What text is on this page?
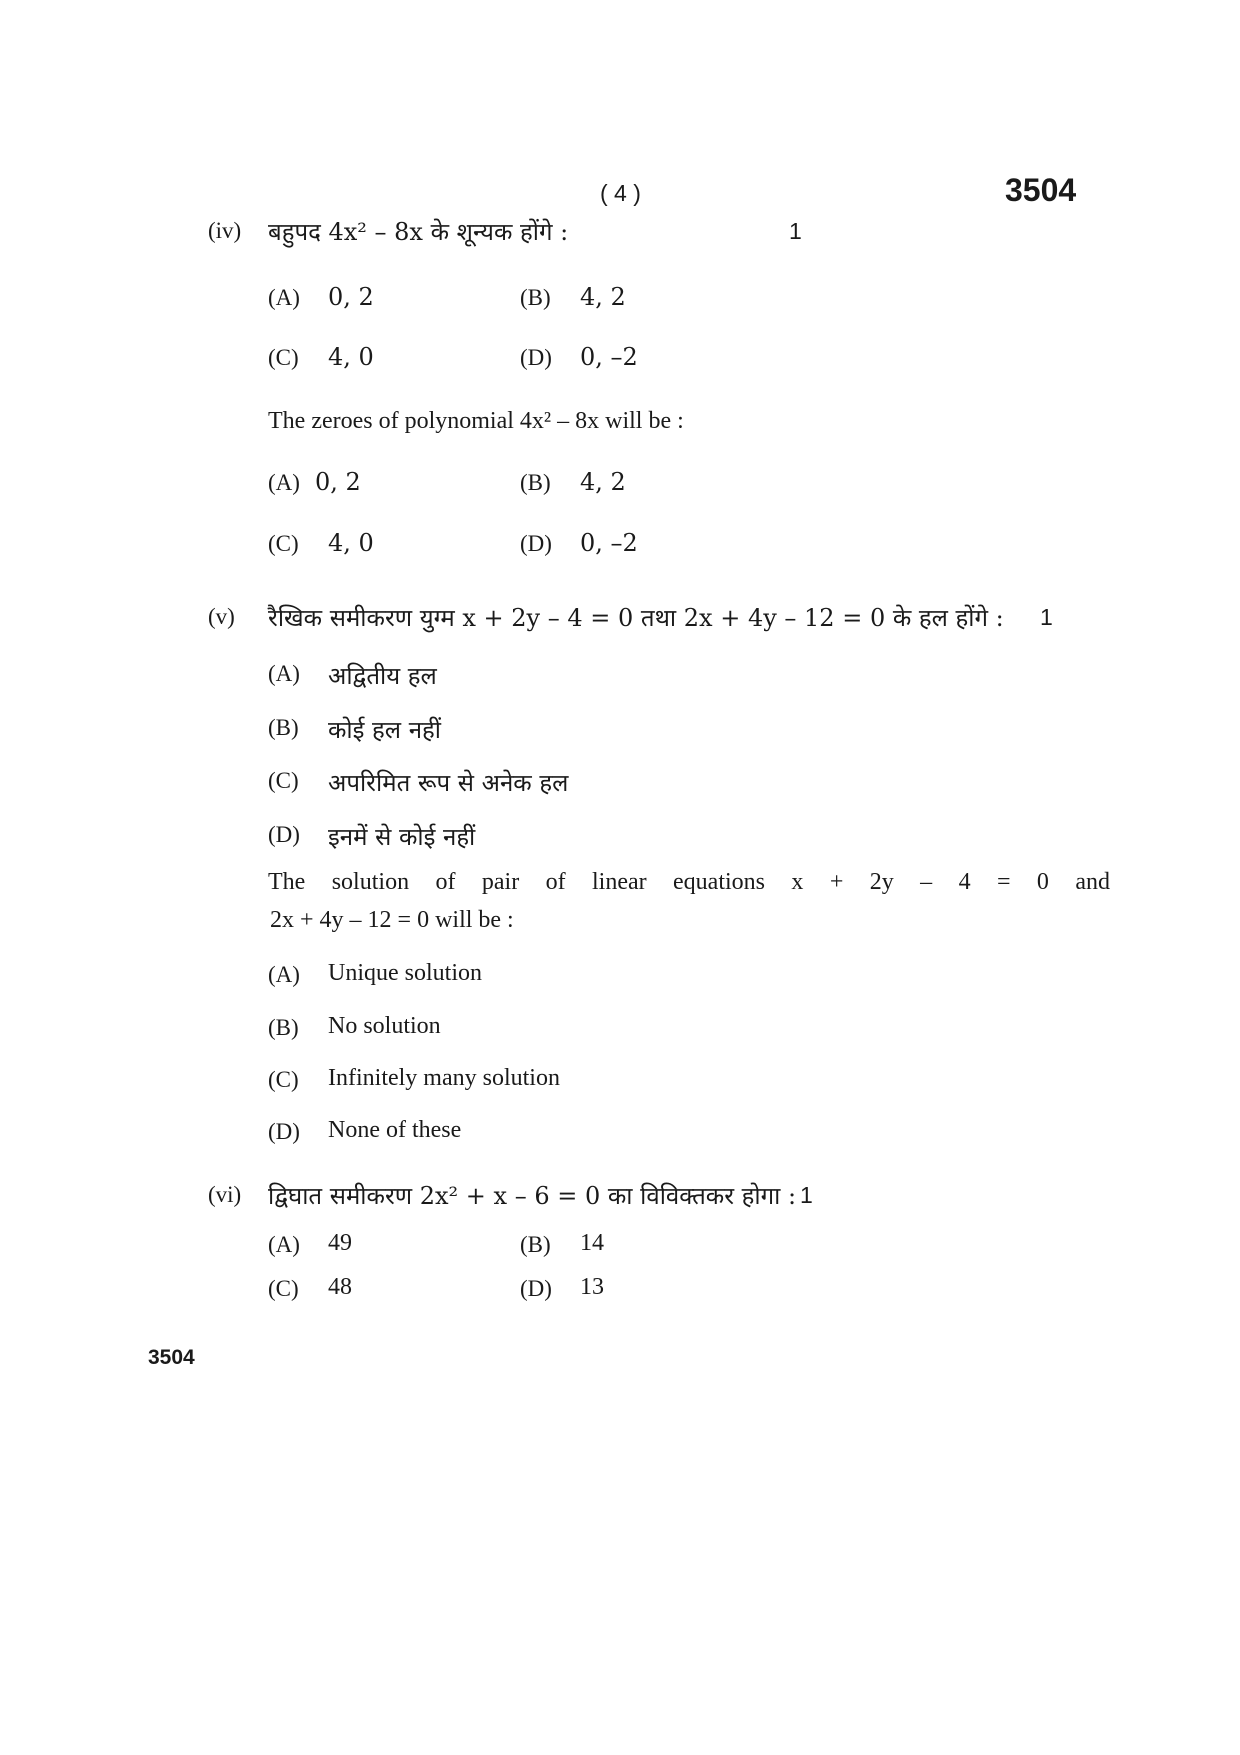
( 4 )	3504
(iv) बहुपद 4x² – 8x के शून्यक होंगे :	1
(A) 0, 2	(B) 4, 2
(C) 4, 0	(D) 0, –2
The zeroes of polynomial 4x² – 8x will be :
(A) 0, 2	(B) 4, 2
(C) 4, 0	(D) 0, –2
(v) रैखिक समीकरण युग्म x + 2y – 4 = 0 तथा 2x + 4y – 12 = 0 के हल होंगे : 1
(A) अद्वितीय हल
(B) कोई हल नहीं
(C) अपरिमित रूप से अनेक हल
(D) इनमें से कोई नहीं
The solution of pair of linear equations x + 2y – 4 = 0 and
2x + 4y – 12 = 0 will be :
(A) Unique solution
(B) No solution
(C) Infinitely many solution
(D) None of these
(vi) द्विघात समीकरण 2x² + x – 6 = 0 का विविक्तकर होगा : 1
(A) 49	(B) 14
(C) 48	(D) 13
3504
